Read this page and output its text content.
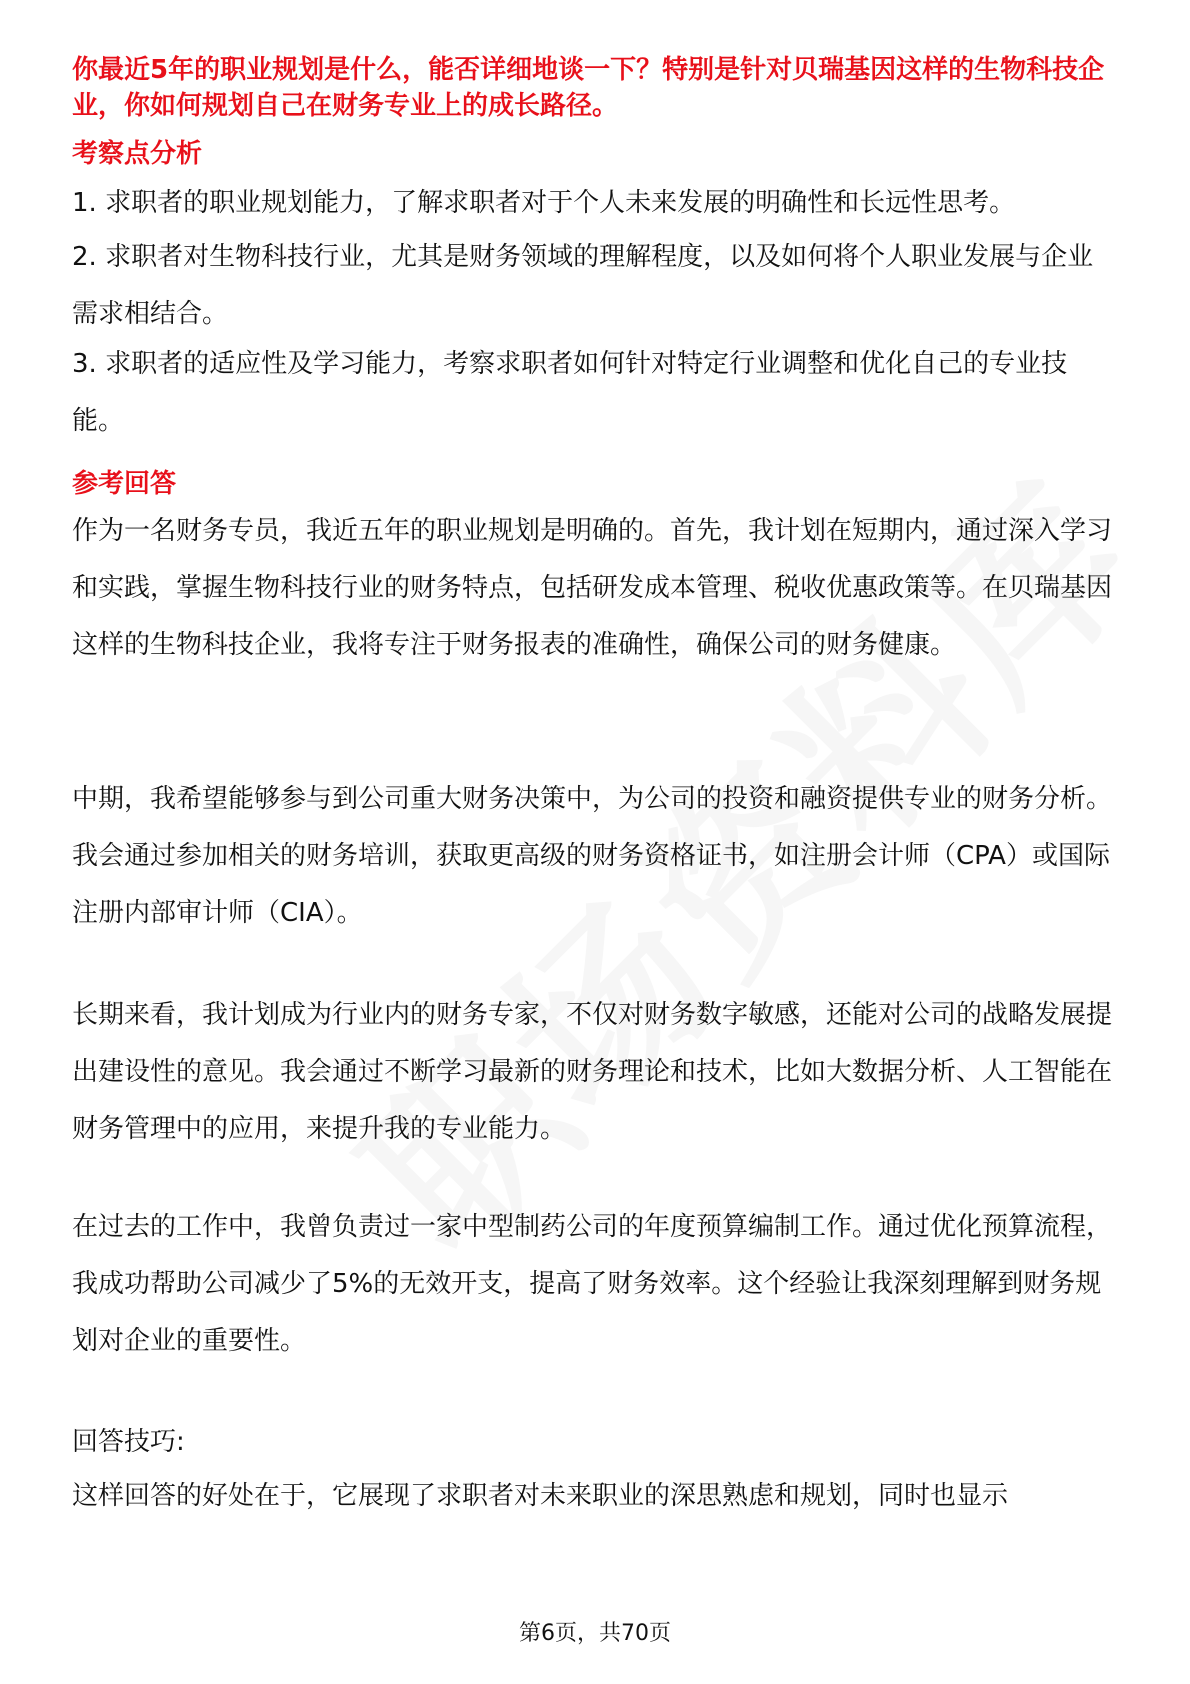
你最近5年的职业规划是什么，能否详细地谈一下？特别是针对贝瑞基因这样的生物科技企业，你如何规划自己在财务专业上的成长路径。

考察点分析

1. 求职者的职业规划能力，了解求职者对于个人未来发展的明确性和长远性思考。

2. 求职者对生物科技行业，尤其是财务领域的理解程度，以及如何将个人职业发展与企业需求相结合。

3. 求职者的适应性及学习能力，考察求职者如何针对特定行业调整和优化自己的专业技能。

参考回答

作为一名财务专员，我近五年的职业规划是明确的。首先，我计划在短期内，通过深入学习和实践，掌握生物科技行业的财务特点，包括研发成本管理、税收优惠政策等。在贝瑞基因这样的生物科技企业，我将专注于财务报表的准确性，确保公司的财务健康。

中期，我希望能够参与到公司重大财务决策中，为公司的投资和融资提供专业的财务分析。我会通过参加相关的财务培训，获取更高级的财务资格证书，如注册会计师（CPA）或国际注册内部审计师（CIA）。

长期来看，我计划成为行业内的财务专家，不仅对财务数字敏感，还能对公司的战略发展提出建设性的意见。我会通过不断学习最新的财务理论和技术，比如大数据分析、人工智能在财务管理中的应用，来提升我的专业能力。

在过去的工作中，我曾负责过一家中型制药公司的年度预算编制工作。通过优化预算流程，我成功帮助公司减少了5%的无效开支，提高了财务效率。这个经验让我深刻理解到财务规划对企业的重要性。

回答技巧:

这样回答的好处在于，它展现了求职者对未来职业的深思熟虑和规划，同时也显示

第6页，共70页
